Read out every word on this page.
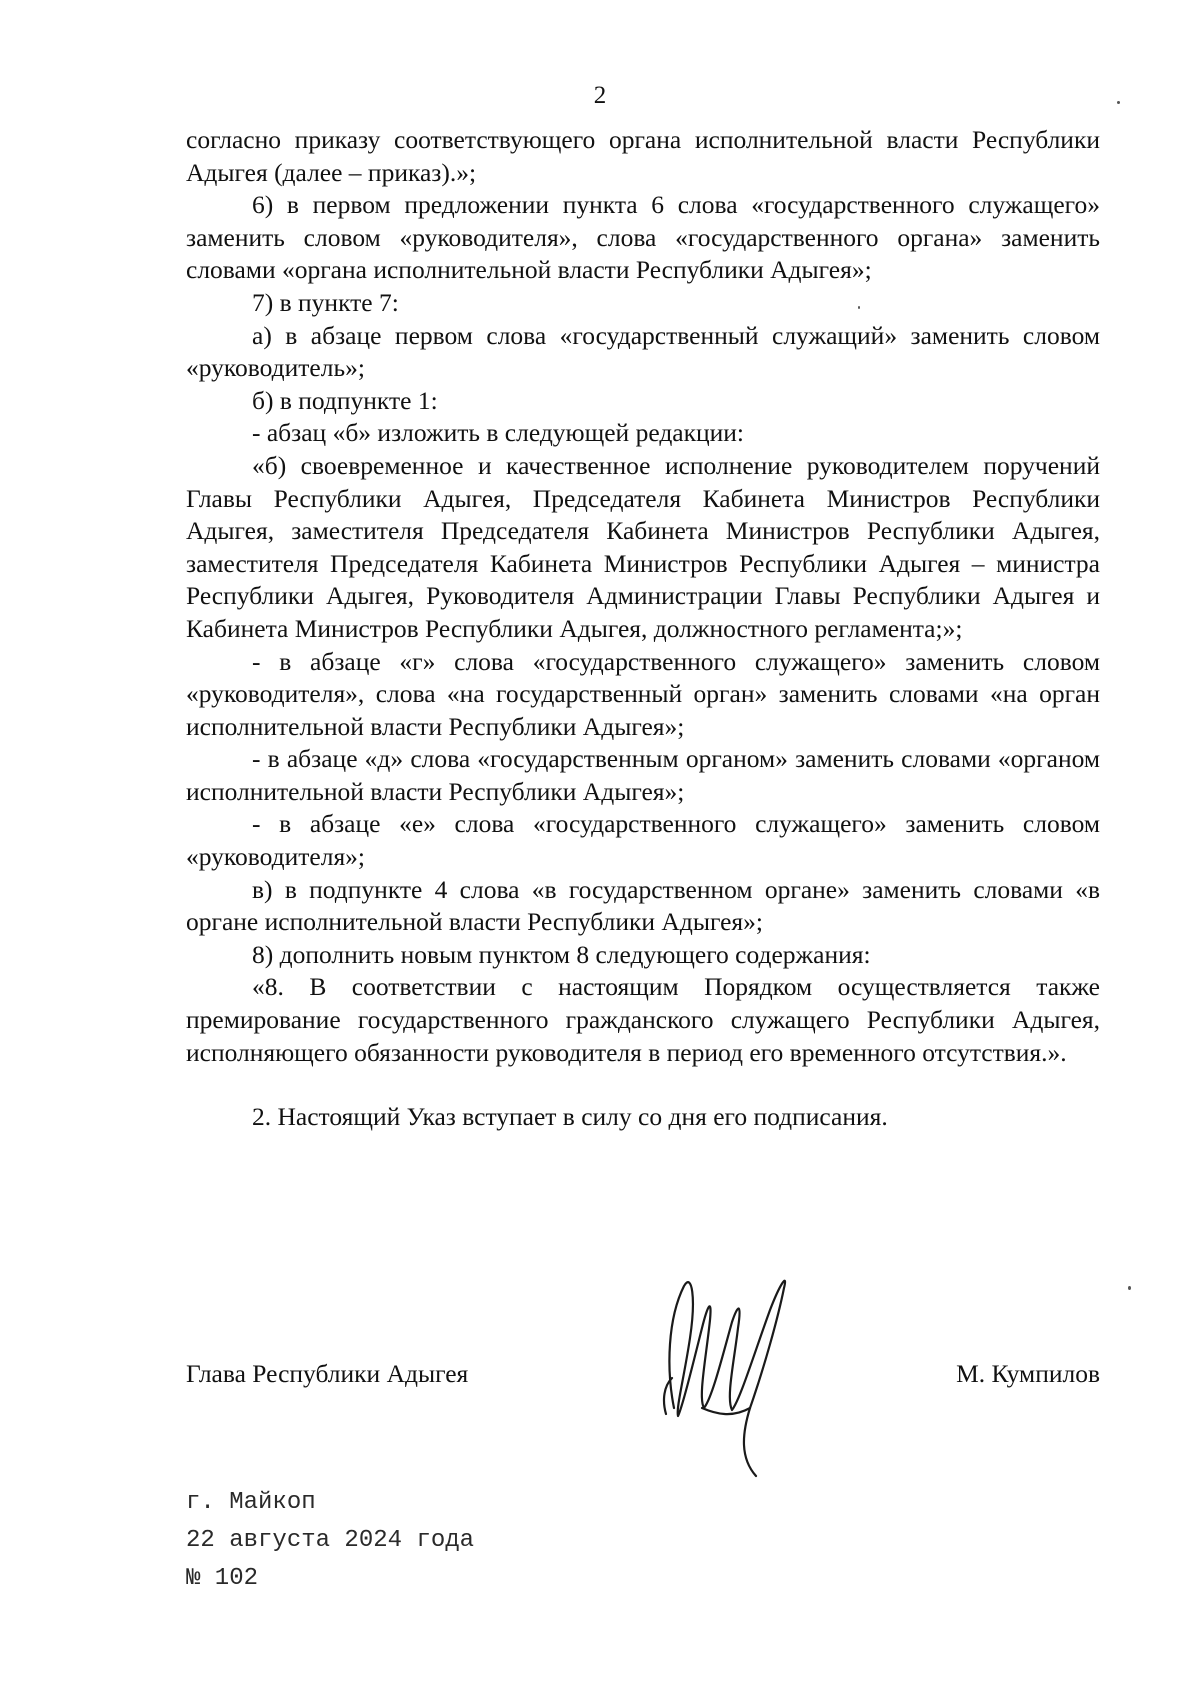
2

согласно приказу соответствующего органа исполнительной власти Республики Адыгея (далее – приказ).»;

6) в первом предложении пункта 6 слова «государственного служащего» заменить словом «руководителя», слова «государственного органа» заменить словами «органа исполнительной власти Республики Адыгея»;

7) в пункте 7:

а) в абзаце первом слова «государственный служащий» заменить словом «руководитель»;

б) в подпункте 1:

- абзац «б» изложить в следующей редакции:

«б) своевременное и качественное исполнение руководителем поручений Главы Республики Адыгея, Председателя Кабинета Министров Республики Адыгея, заместителя Председателя Кабинета Министров Республики Адыгея, заместителя Председателя Кабинета Министров Республики Адыгея – министра Республики Адыгея, Руководителя Администрации Главы Республики Адыгея и Кабинета Министров Республики Адыгея, должностного регламента;»;

- в абзаце «г» слова «государственного служащего» заменить словом «руководителя», слова «на государственный орган» заменить словами «на орган исполнительной власти Республики Адыгея»;

- в абзаце «д» слова «государственным органом» заменить словами «органом исполнительной власти Республики Адыгея»;

- в абзаце «е» слова «государственного служащего» заменить словом «руководителя»;

в) в подпункте 4 слова «в государственном органе» заменить словами «в органе исполнительной власти Республики Адыгея»;

8) дополнить новым пунктом 8 следующего содержания:

«8. В соответствии с настоящим Порядком осуществляется также премирование государственного гражданского служащего Республики Адыгея, исполняющего обязанности руководителя в период его временного отсутствия.».

2. Настоящий Указ вступает в силу со дня его подписания.

Глава Республики Адыгея	М. Кумпилов
г. Майкоп
22 августа 2024 года
№ 102
